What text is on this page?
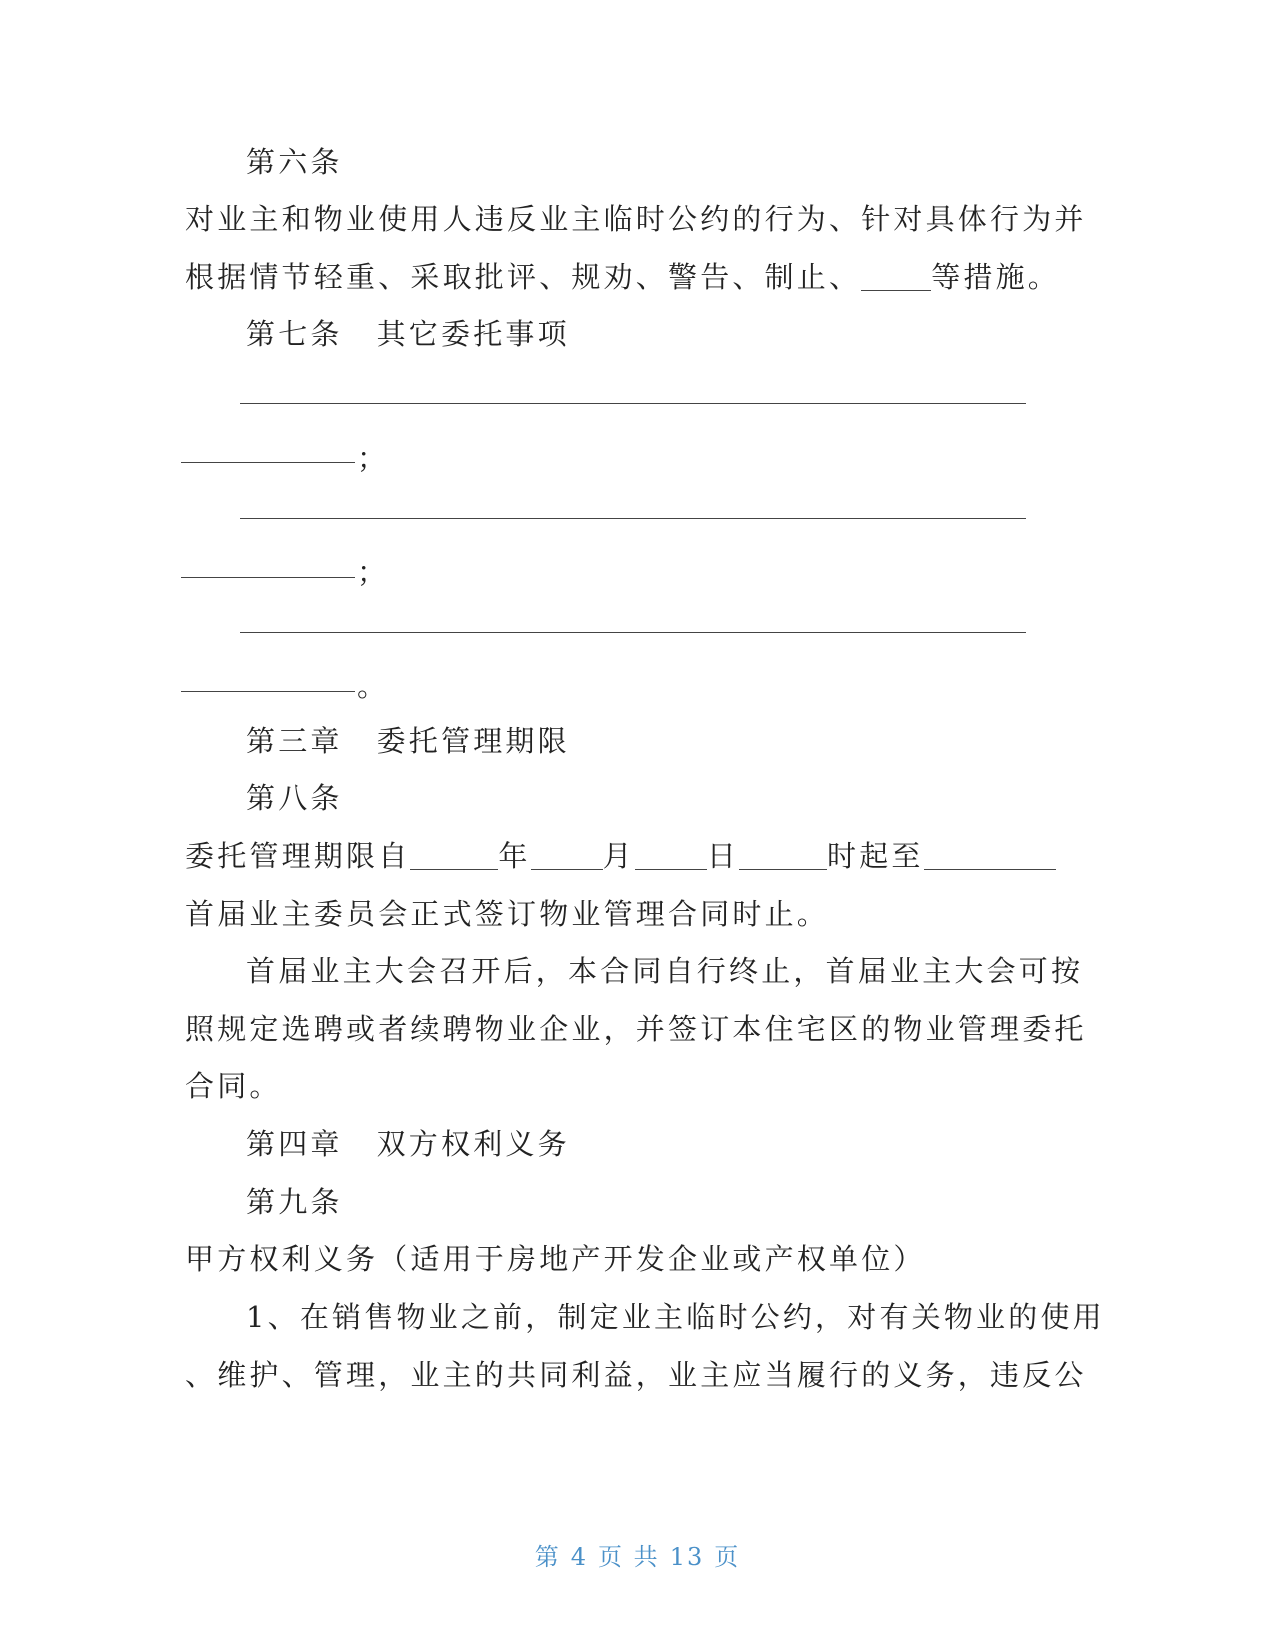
第六条
对业主和物业使用人违反业主临时公约的行为、针对具体行为并
根据情节轻重、采取批评、规劝、警告、制止、 等措施。
第七条 其它委托事项
；
；
。
第三章 委托管理期限
第八条
委托管理期限自	年 月 日	时起至
首届业主委员会正式签订物业管理合同时止。
首届业主大会召开后，本合同自行终止，首届业主大会可按
照规定选聘或者续聘物业企业，并签订本住宅区的物业管理委托
合同。
第四章 双方权利义务
第九条
甲方权利义务（适用于房地产开发企业或产权单位）
1、在销售物业之前，制定业主临时公约，对有关物业的使用
、维护、管理，业主的共同利益，业主应当履行的义务，违反公
第 4 页 共 13 页
